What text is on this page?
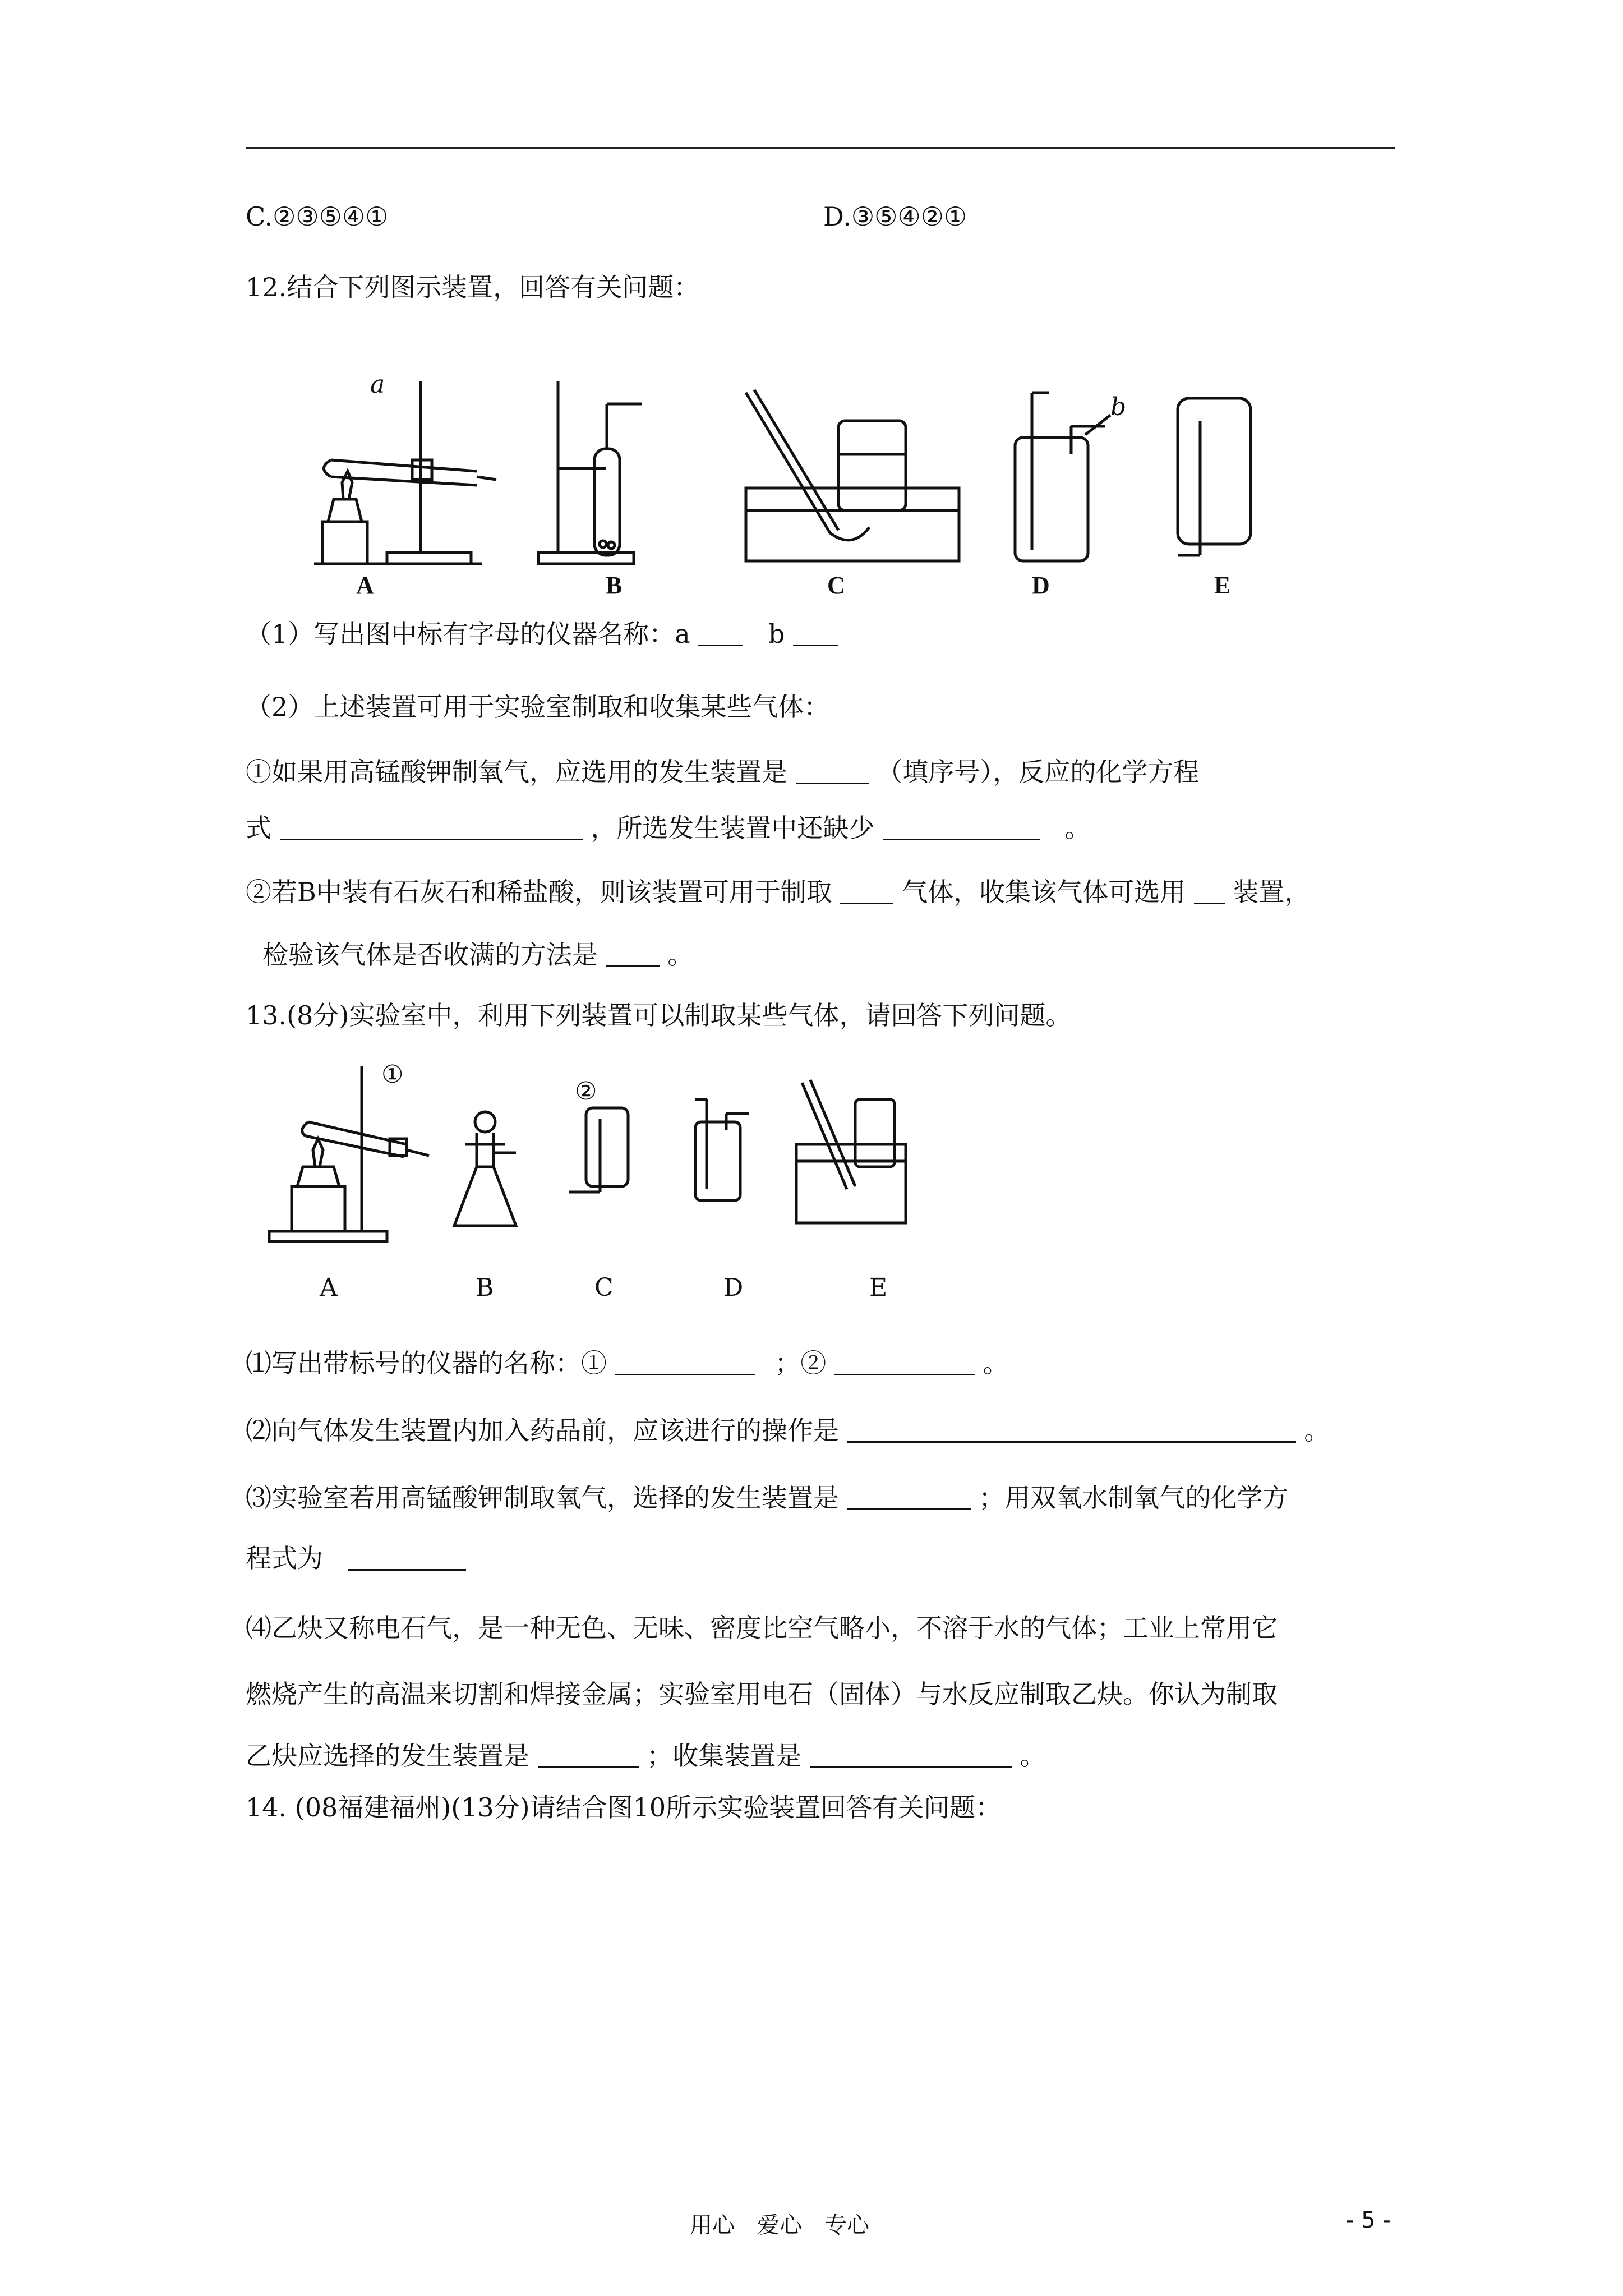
C.②③⑤④①	D.③⑤④②①
12.结合下列图示装置，回答有关问题：
a
b
A	B	C	D	E
（1）写出图中标有字母的仪器名称：a	b
（2）上述装置可用于实验室制取和收集某些气体：
①如果用高锰酸钾制氧气，应选用的发生装置是	（填序号），反应的化学方程
式	，所选发生装置中还缺少	。
②若B中装有石灰石和稀盐酸，则该装置可用于制取	气体，收集该气体可选用 装置，
检验该气体是否收满的方法是	。
13.(8分)实验室中，利用下列装置可以制取某些气体，请回答下列问题。
①
②
A	B	C	D	E
⑴写出带标号的仪器的名称：①	；②	。
⑵向气体发生装置内加入药品前，应该进行的操作是	。
⑶实验室若用高锰酸钾制取氧气，选择的发生装置是	；用双氧水制氧气的化学方
程式为
⑷乙炔又称电石气，是一种无色、无味、密度比空气略小，不溶于水的气体；工业上常用它
燃烧产生的高温来切割和焊接金属；实验室用电石（固体）与水反应制取乙炔。你认为制取
乙炔应选择的发生装置是	；收集装置是	。
14. (08福建福州)(13分)请结合图10所示实验装置回答有关问题：
用心　爱心　专心	- 5 -
